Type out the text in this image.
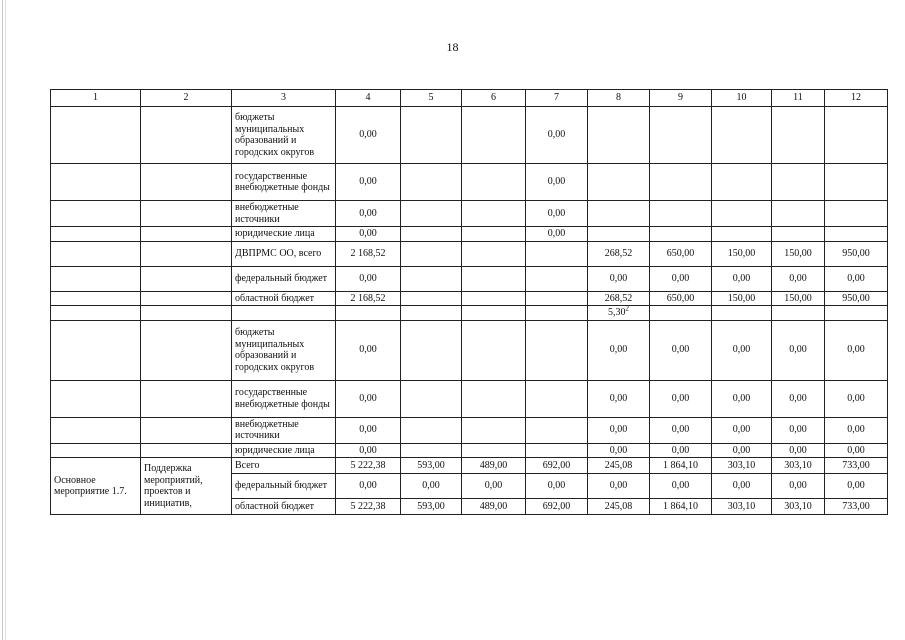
18
1	2	3	4	5	6	7	8	9	10	11	12
		бюджеты муниципальных образований и городских округов	0,00			0,00					
		государственные внебюджетные фонды	0,00			0,00					
		внебюджетные источники	0,00			0,00					
		юридические лица	0,00			0,00					
		ДВПРМС ОО, всего	2 168,52				268,52	650,00	150,00	150,00	950,00
		федеральный бюджет	0,00				0,00	0,00	0,00	0,00	0,00
		областной бюджет	2 168,52				268,52	650,00	150,00	150,00	950,00
							5,30$^2$				
		бюджеты муниципальных образований и городских округов	0,00				0,00	0,00	0,00	0,00	0,00
		государственные внебюджетные фонды	0,00				0,00	0,00	0,00	0,00	0,00
		внебюджетные источники	0,00				0,00	0,00	0,00	0,00	0,00
		юридические лица	0,00				0,00	0,00	0,00	0,00	0,00
Основное мероприятие 1.7.	Поддержка мероприятий, проектов и инициатив,	Всего	5 222,38	593,00	489,00	692,00	245,08	1 864,10	303,10	303,10	733,00
		федеральный бюджет	0,00	0,00	0,00	0,00	0,00	0,00	0,00	0,00	0,00
		областной бюджет	5 222,38	593,00	489,00	692,00	245,08	1 864,10	303,10	303,10	733,00
